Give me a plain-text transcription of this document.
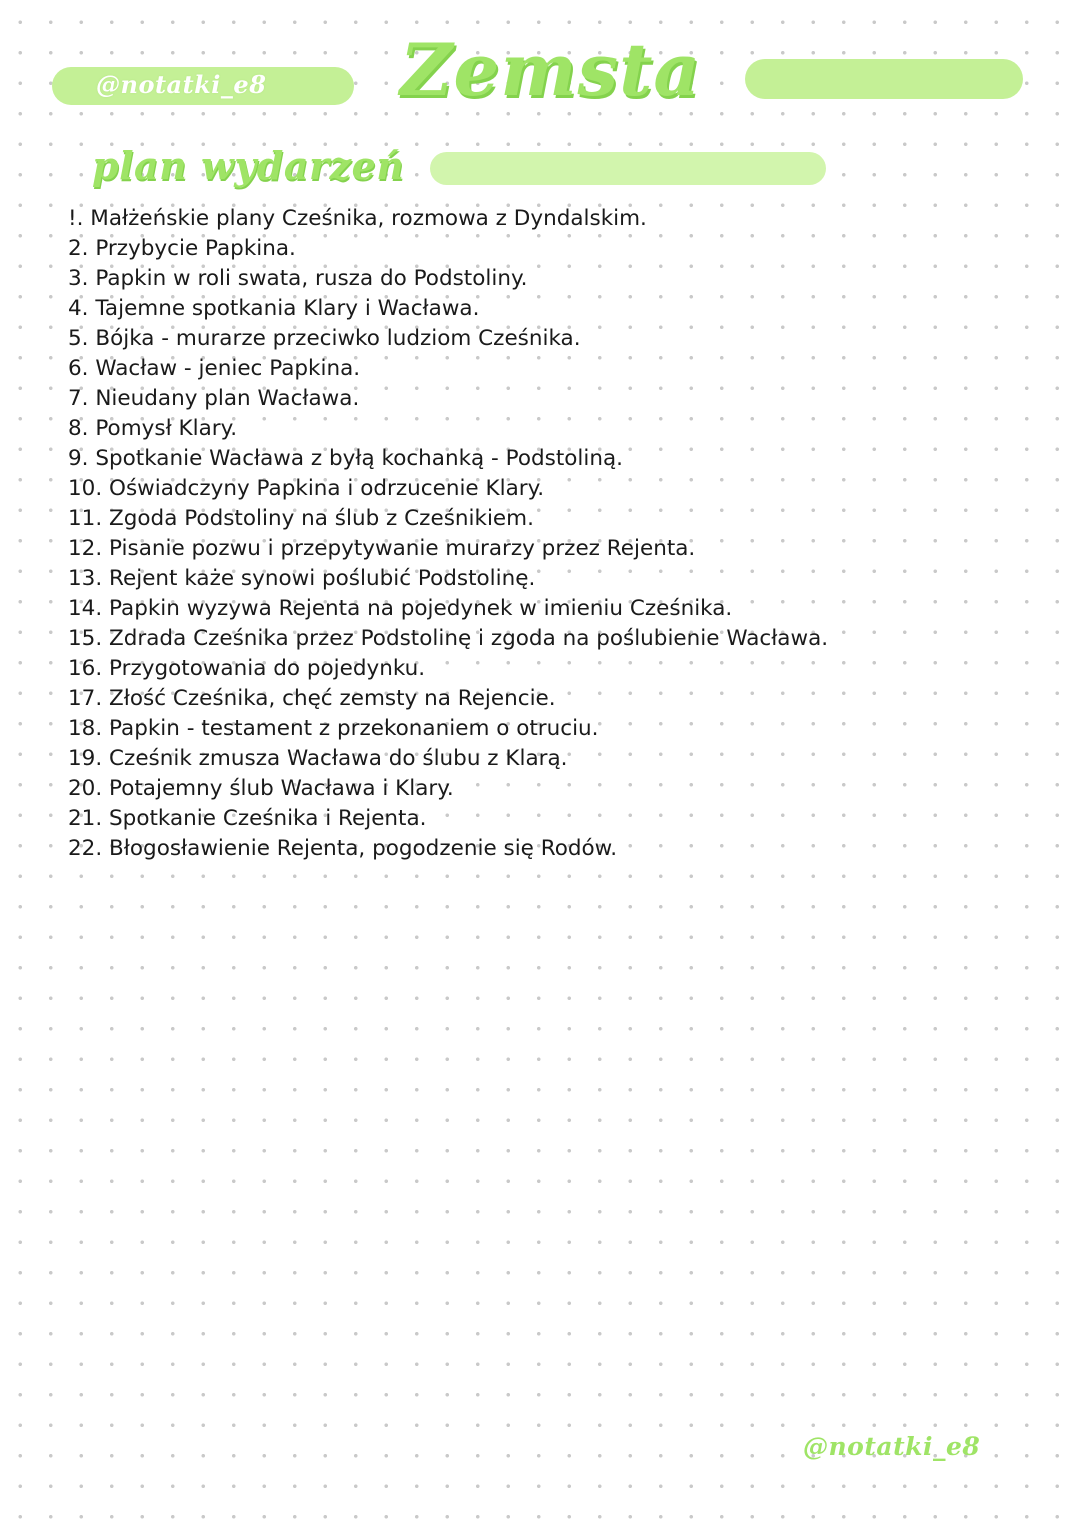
@notatki_e8 Zemsta
plan wydarzeń
!. Małżeńskie plany Cześnika, rozmowa z Dyndalskim.
2. Przybycie Papkina.
3. Papkin w roli swata, rusza do Podstoliny.
4. Tajemne spotkania Klary i Wacława.
5. Bójka - murarze przeciwko ludziom Cześnika.
6. Wacław - jeniec Papkina.
7. Nieudany plan Wacława.
8. Pomysł Klary.
9. Spotkanie Wacława z byłą kochanką - Podstoliną.
10. Oświadczyny Papkina i odrzucenie Klary.
11. Zgoda Podstoliny na ślub z Cześnikiem.
12. Pisanie pozwu i przepytywanie murarzy przez Rejenta.
13. Rejent każe synowi poślubić Podstolinę.
14. Papkin wyzywa Rejenta na pojedynek w imieniu Cześnika.
15. Zdrada Cześnika przez Podstolinę i zgoda na poślubienie Wacława.
16. Przygotowania do pojedynku.
17. Złość Cześnika, chęć zemsty na Rejencie.
18. Papkin - testament z przekonaniem o otruciu.
19. Cześnik zmusza Wacława do ślubu z Klarą.
20. Potajemny ślub Wacława i Klary.
21. Spotkanie Cześnika i Rejenta.
22. Błogosławienie Rejenta, pogodzenie się Rodów.
@notatki_e8
